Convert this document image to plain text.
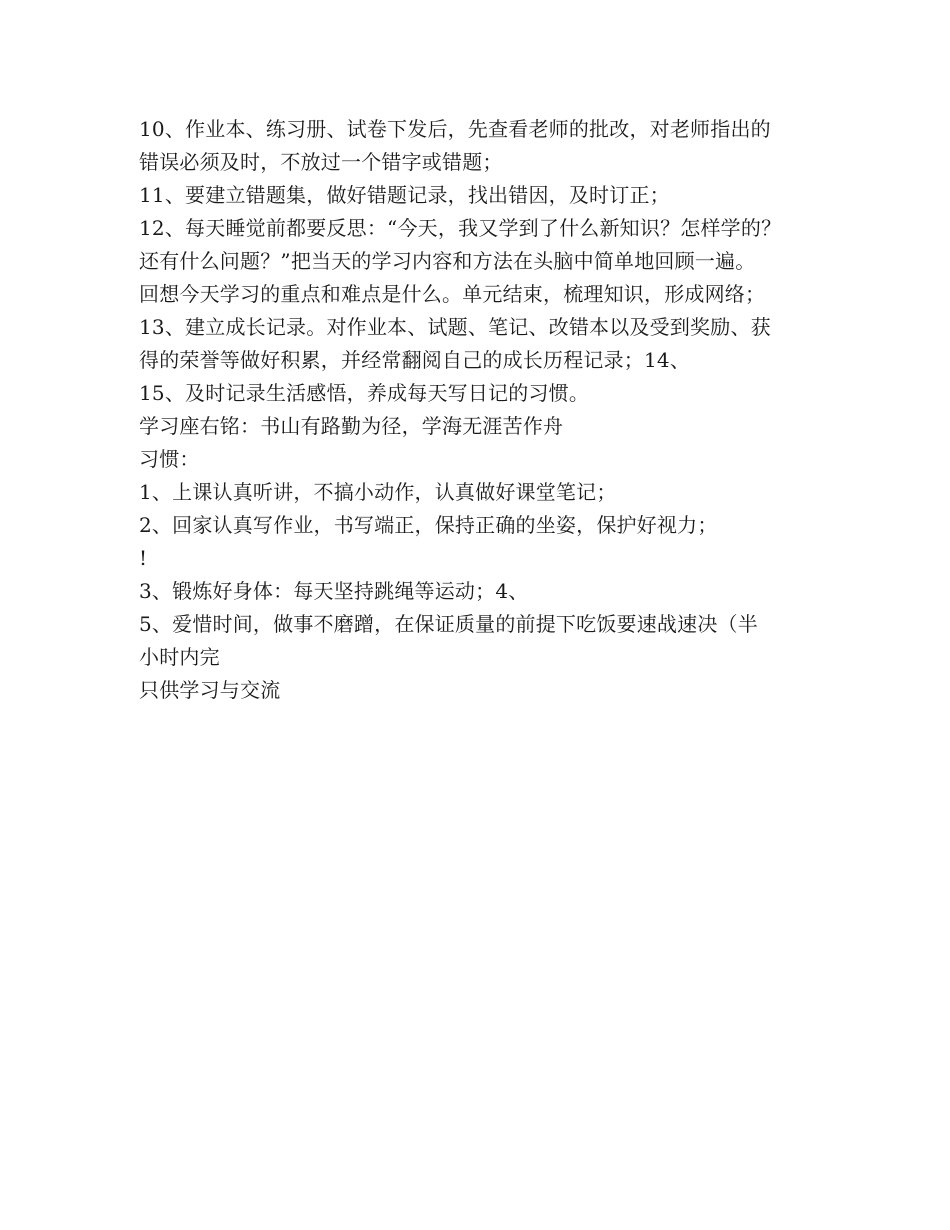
10、作业本、练习册、试卷下发后，先查看老师的批改，对老师指出的
错误必须及时，不放过一个错字或错题；
11、要建立错题集，做好错题记录，找出错因，及时订正；
12、每天睡觉前都要反思：“今天，我又学到了什么新知识？怎样学的？
还有什么问题？”把当天的学习内容和方法在头脑中简单地回顾一遍。
回想今天学习的重点和难点是什么。单元结束，梳理知识，形成网络；
13、建立成长记录。对作业本、试题、笔记、改错本以及受到奖励、获
得的荣誉等做好积累，并经常翻阅自己的成长历程记录；14、
15、及时记录生活感悟，养成每天写日记的习惯。
学习座右铭：书山有路勤为径，学海无涯苦作舟
习惯：
1、上课认真听讲，不搞小动作，认真做好课堂笔记；
2、回家认真写作业，书写端正，保持正确的坐姿，保护好视力；
!
3、锻炼好身体：每天坚持跳绳等运动；4、
5、爱惜时间，做事不磨蹭，在保证质量的前提下吃饭要速战速决（半
小时内完
只供学习与交流
